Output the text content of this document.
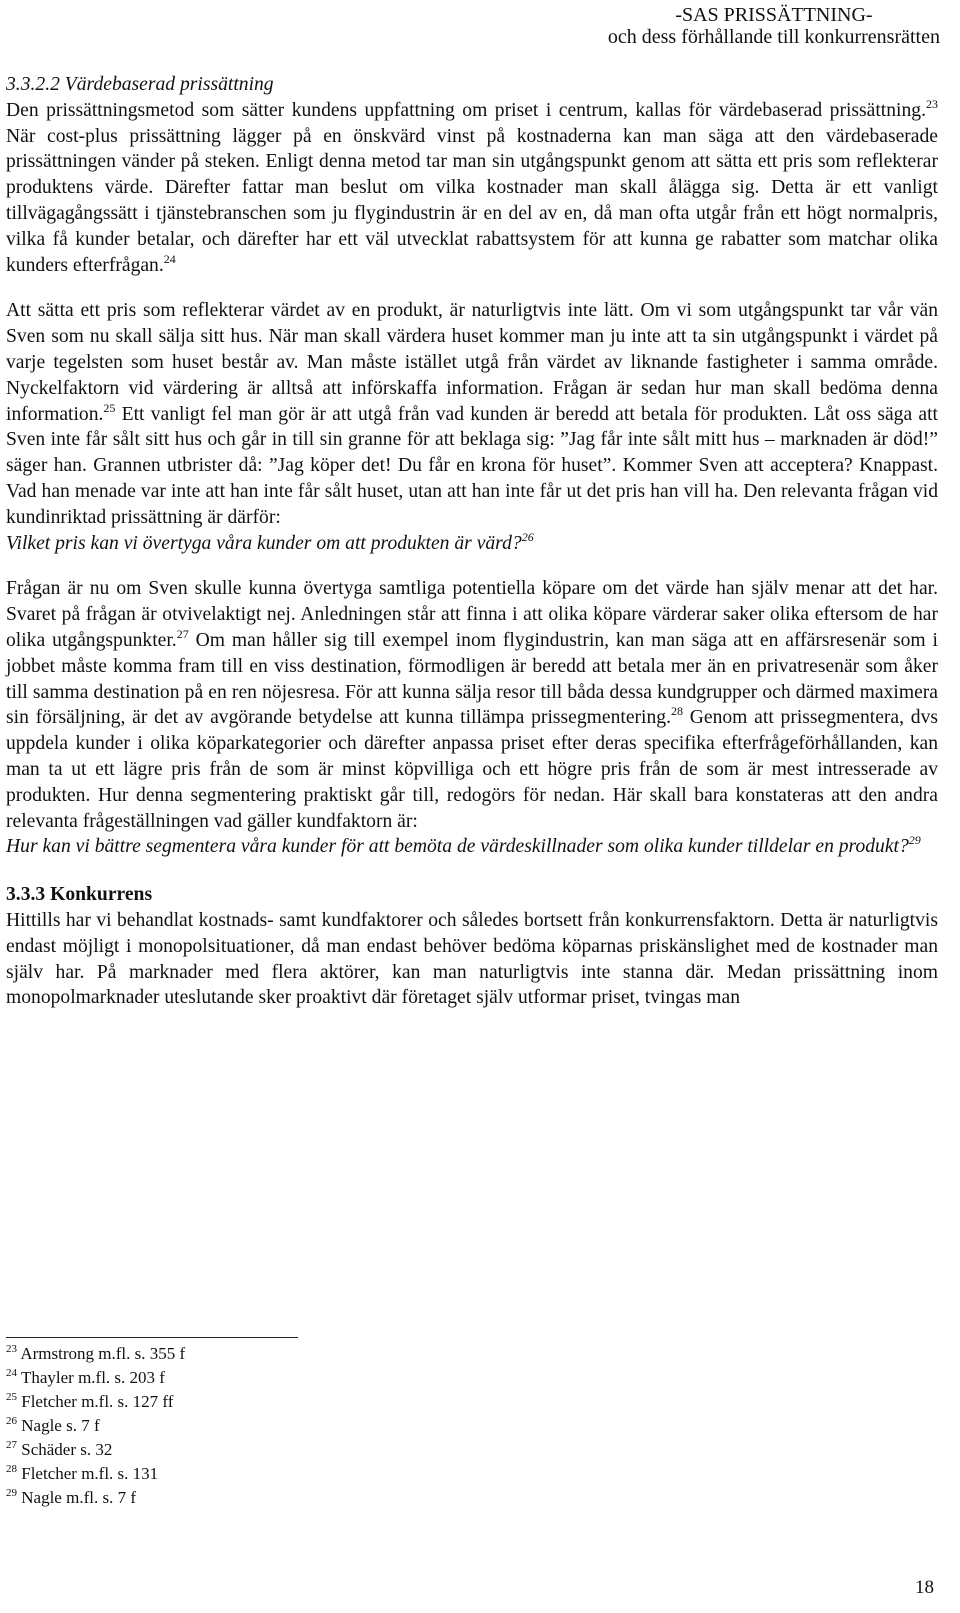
-SAS PRISSÄTTNING-
och dess förhållande till konkurrensrätten

3.3.2.2 Värdebaserad prissättning

Den prissättningsmetod som sätter kundens uppfattning om priset i centrum, kallas för värdebaserad prissättning.$^{23}$ När cost-plus prissättning lägger på en önskvärd vinst på kostnaderna kan man säga att den värdebaserade prissättningen vänder på steken. Enligt denna metod tar man sin utgångspunkt genom att sätta ett pris som reflekterar produktens värde. Därefter fattar man beslut om vilka kostnader man skall ålägga sig. Detta är ett vanligt tillvägagångssätt i tjänstebranschen som ju flygindustrin är en del av en, då man ofta utgår från ett högt normalpris, vilka få kunder betalar, och därefter har ett väl utvecklat rabattsystem för att kunna ge rabatter som matchar olika kunders efterfrågan.$^{24}$

Att sätta ett pris som reflekterar värdet av en produkt, är naturligtvis inte lätt. Om vi som utgångspunkt tar vår vän Sven som nu skall sälja sitt hus. När man skall värdera huset kommer man ju inte att ta sin utgångspunkt i värdet på varje tegelsten som huset består av. Man måste istället utgå från värdet av liknande fastigheter i samma område. Nyckelfaktorn vid värdering är alltså att införskaffa information. Frågan är sedan hur man skall bedöma denna information.$^{25}$ Ett vanligt fel man gör är att utgå från vad kunden är beredd att betala för produkten. Låt oss säga att Sven inte får sålt sitt hus och går in till sin granne för att beklaga sig: ”Jag får inte sålt mitt hus – marknaden är död!” säger han. Grannen utbrister då: ”Jag köper det! Du får en krona för huset”. Kommer Sven att acceptera? Knappast. Vad han menade var inte att han inte får sålt huset, utan att han inte får ut det pris han vill ha. Den relevanta frågan vid kundinriktad prissättning är därför:

Vilket pris kan vi övertyga våra kunder om att produkten är värd?$^{26}$

Frågan är nu om Sven skulle kunna övertyga samtliga potentiella köpare om det värde han själv menar att det har. Svaret på frågan är otvivelaktigt nej. Anledningen står att finna i att olika köpare värderar saker olika eftersom de har olika utgångspunkter.$^{27}$ Om man håller sig till exempel inom flygindustrin, kan man säga att en affärsresenär som i jobbet måste komma fram till en viss destination, förmodligen är beredd att betala mer än en privatresenär som åker till samma destination på en ren nöjesresa. För att kunna sälja resor till båda dessa kundgrupper och därmed maximera sin försäljning, är det av avgörande betydelse att kunna tillämpa prissegmentering.$^{28}$ Genom att prissegmentera, dvs uppdela kunder i olika köparkategorier och därefter anpassa priset efter deras specifika efterfrågeförhållanden, kan man ta ut ett lägre pris från de som är minst köpvilliga och ett högre pris från de som är mest intresserade av produkten. Hur denna segmentering praktiskt går till, redogörs för nedan. Här skall bara konstateras att den andra relevanta frågeställningen vad gäller kundfaktorn är:

Hur kan vi bättre segmentera våra kunder för att bemöta de värdeskillnader som olika kunder tilldelar en produkt?$^{29}$

3.3.3 Konkurrens

Hittills har vi behandlat kostnads- samt kundfaktorer och således bortsett från konkurrensfaktorn. Detta är naturligtvis endast möjligt i monopolsituationer, då man endast behöver bedöma köparnas priskänslighet med de kostnader man själv har. På marknader med flera aktörer, kan man naturligtvis inte stanna där. Medan prissättning inom monopolmarknader uteslutande sker proaktivt där företaget själv utformar priset, tvingas man

$^{23}$ Armstrong m.fl. s. 355 f
$^{24}$ Thayler m.fl. s. 203 f
$^{25}$ Fletcher m.fl. s. 127 ff
$^{26}$ Nagle s. 7 f
$^{27}$ Schäder s. 32
$^{28}$ Fletcher m.fl. s. 131
$^{29}$ Nagle m.fl. s. 7 f
18
